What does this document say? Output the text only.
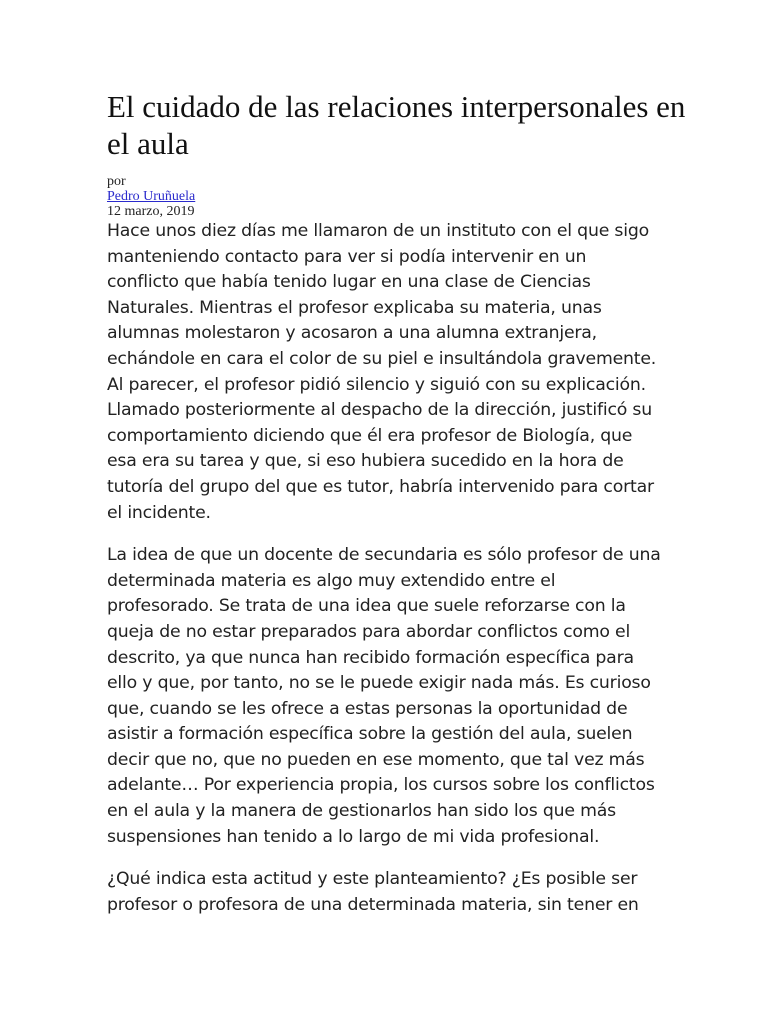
El cuidado de las relaciones interpersonales en el aula
por
Pedro Uruñuela
12 marzo, 2019
Hace unos diez días me llamaron de un instituto con el que sigo
manteniendo contacto para ver si podía intervenir en un
conflicto que había tenido lugar en una clase de Ciencias
Naturales. Mientras el profesor explicaba su materia, unas
alumnas molestaron y acosaron a una alumna extranjera,
echándole en cara el color de su piel e insultándola gravemente.
Al parecer, el profesor pidió silencio y siguió con su explicación.
Llamado posteriormente al despacho de la dirección, justificó su
comportamiento diciendo que él era profesor de Biología, que
esa era su tarea y que, si eso hubiera sucedido en la hora de
tutoría del grupo del que es tutor, habría intervenido para cortar
el incidente.
La idea de que un docente de secundaria es sólo profesor de una
determinada materia es algo muy extendido entre el
profesorado. Se trata de una idea que suele reforzarse con la
queja de no estar preparados para abordar conflictos como el
descrito, ya que nunca han recibido formación específica para
ello y que, por tanto, no se le puede exigir nada más. Es curioso
que, cuando se les ofrece a estas personas la oportunidad de
asistir a formación específica sobre la gestión del aula, suelen
decir que no, que no pueden en ese momento, que tal vez más
adelante… Por experiencia propia, los cursos sobre los conflictos
en el aula y la manera de gestionarlos han sido los que más
suspensiones han tenido a lo largo de mi vida profesional.
¿Qué indica esta actitud y este planteamiento? ¿Es posible ser
profesor o profesora de una determinada materia, sin tener en
